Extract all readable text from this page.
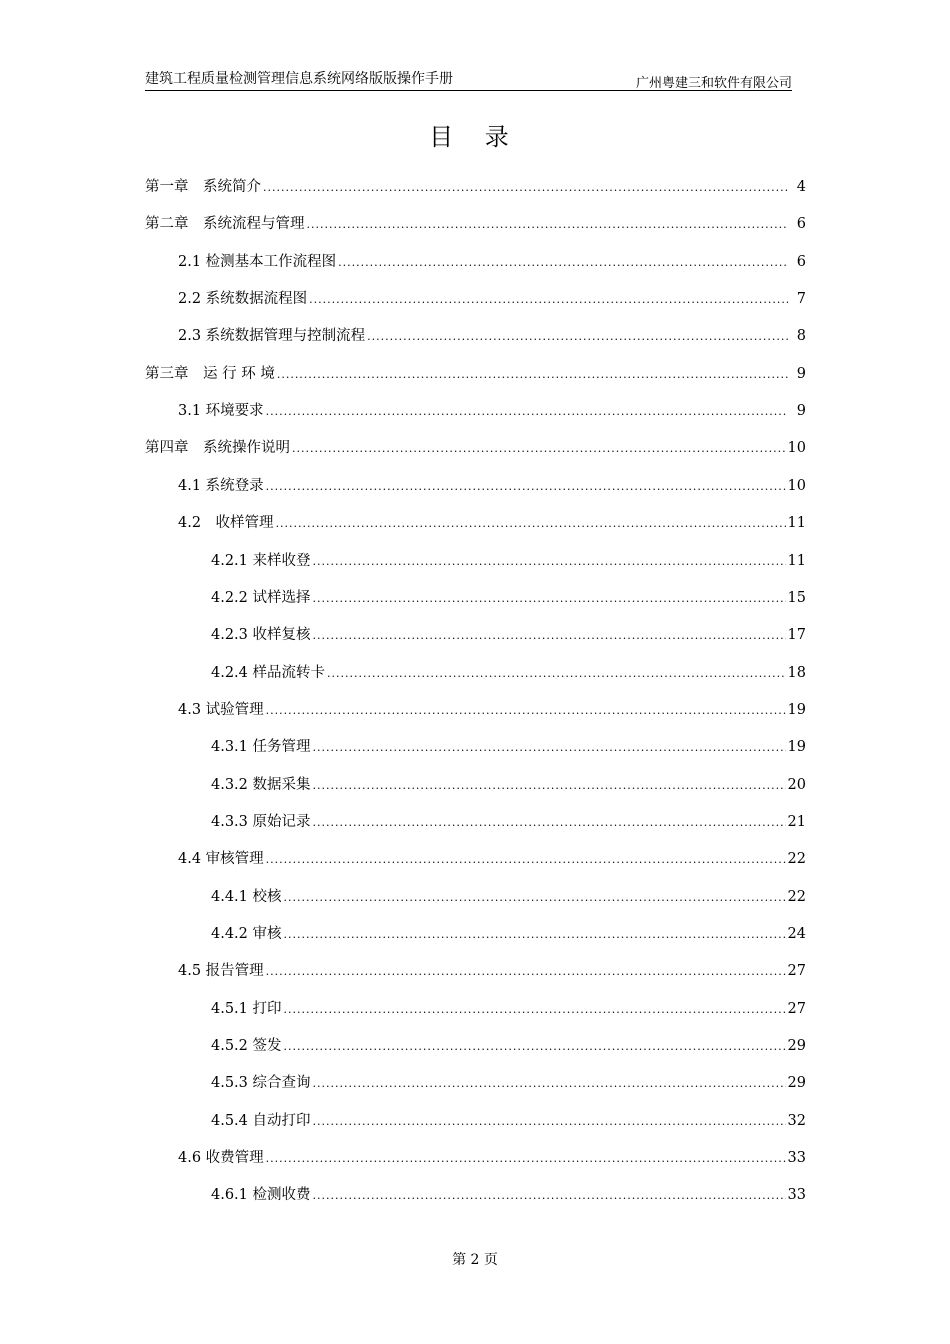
建筑工程质量检测管理信息系统网络版版操作手册	广州粤建三和软件有限公司
目 录
第一章　系统简介 .....	4
第二章　系统流程与管理 .....	6
2.1 检测基本工作流程图 .....	6
2.2 系统数据流程图 .....	7
2.3 系统数据管理与控制流程 .....	8
第三章　运 行 环 境 .....	9
3.1 环境要求 .....	9
第四章　系统操作说明 .....	10
4.1 系统登录 .....	10
4.2　收样管理 .....	11
4.2.1 来样收登 .....	11
4.2.2 试样选择 .....	15
4.2.3 收样复核 .....	17
4.2.4 样品流转卡 .....	18
4.3 试验管理 .....	19
4.3.1 任务管理 .....	19
4.3.2 数据采集 .....	20
4.3.3 原始记录 .....	21
4.4 审核管理 .....	22
4.4.1 校核 .....	22
4.4.2 审核 .....	24
4.5 报告管理 .....	27
4.5.1 打印 .....	27
4.5.2 签发 .....	29
4.5.3 综合查询 .....	29
4.5.4 自动打印 .....	32
4.6 收费管理 .....	33
4.6.1 检测收费 .....	33
第 2 页
